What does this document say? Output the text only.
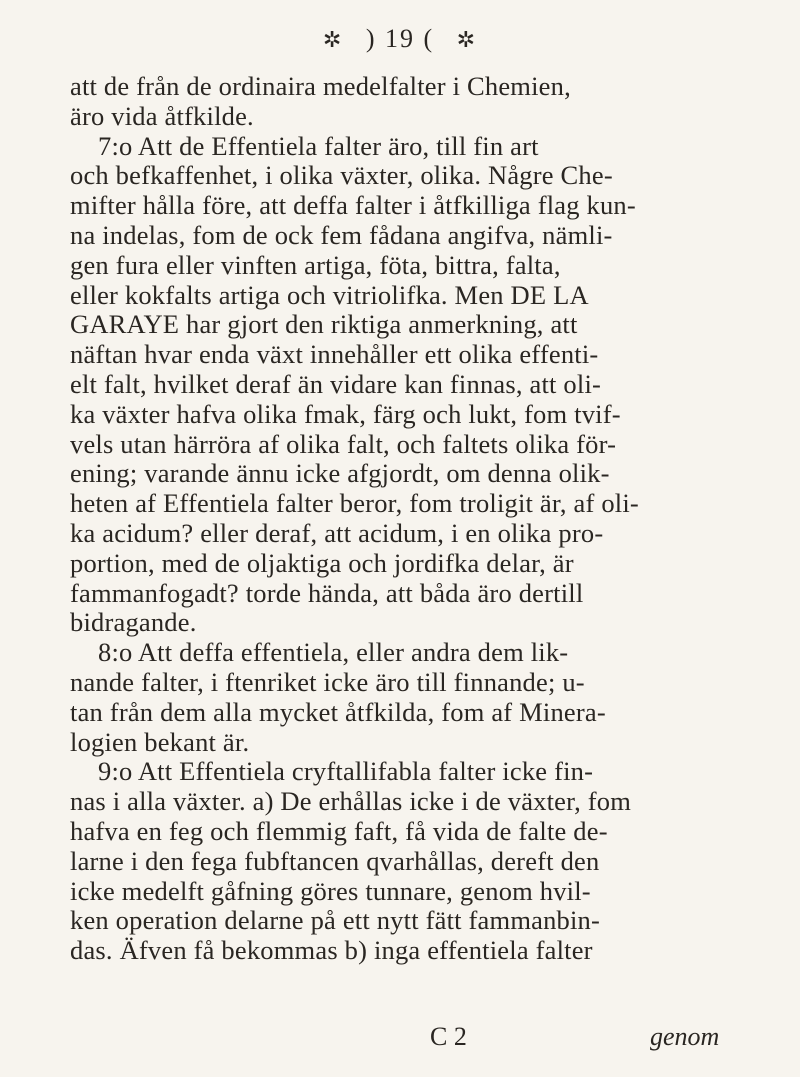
✲ ) 19 ( ✲
att de från de ordinaira medelfalter i Chemien,
äro vida åtfkilde.
7:o Att de Effentiela falter äro, till fin art
och befkaffenhet, i olika växter, olika. Någre Che-
mifter hålla före, att deffa falter i åtfkilliga flag kun-
na indelas, fom de ock fem fådana angifva, nämli-
gen fura eller vinften artiga, föta, bittra, falta,
eller kokfalts artiga och vitriolifka. Men DE LA
GARAYE har gjort den riktiga anmerkning, att
näftan hvar enda växt innehåller ett olika effenti-
elt falt, hvilket deraf än vidare kan finnas, att oli-
ka växter hafva olika fmak, färg och lukt, fom tvif-
vels utan härröra af olika falt, och faltets olika för-
ening; varande ännu icke afgjordt, om denna olik-
heten af Effentiela falter beror, fom troligit är, af oli-
ka acidum? eller deraf, att acidum, i en olika pro-
portion, med de oljaktiga och jordifka delar, är
fammanfogadt? torde hända, att båda äro dertill
bidragande.
8:o Att deffa effentiela, eller andra dem lik-
nande falter, i ftenriket icke äro till finnande; u-
tan från dem alla mycket åtfkilda, fom af Minera-
logien bekant är.
9:o Att Effentiela cryftallifabla falter icke fin-
nas i alla växter. a) De erhållas icke i de växter, fom
hafva en feg och flemmig faft, få vida de falte de-
larne i den fega fubftancen qvarhållas, dereft den
icke medelft gåfning göres tunnare, genom hvil-
ken operation delarne på ett nytt fätt fammanbin-
das. Äfven få bekommas b) inga effentiela falter
C 2	genom
